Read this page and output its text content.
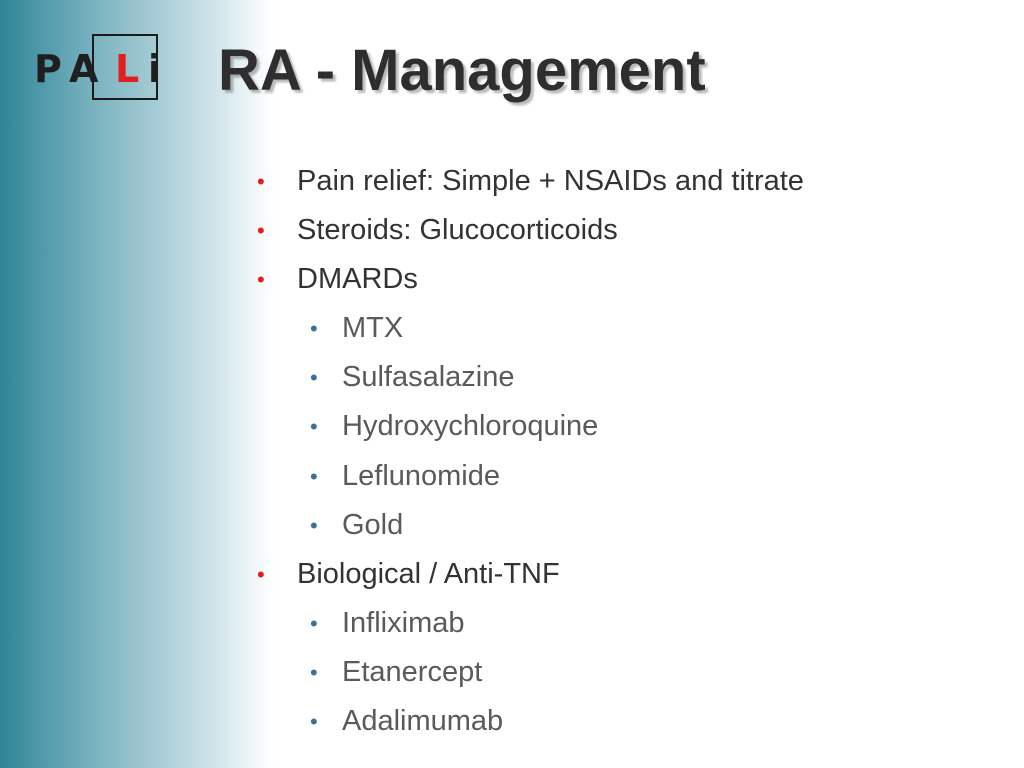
P A L i RA - Management
• Pain relief: Simple + NSAIDs and titrate
• Steroids: Glucocorticoids
• DMARDs
• MTX
• Sulfasalazine
• Hydroxychloroquine
• Leflunomide
• Gold
• Biological / Anti-TNF
• Infliximab
• Etanercept
• Adalimumab
